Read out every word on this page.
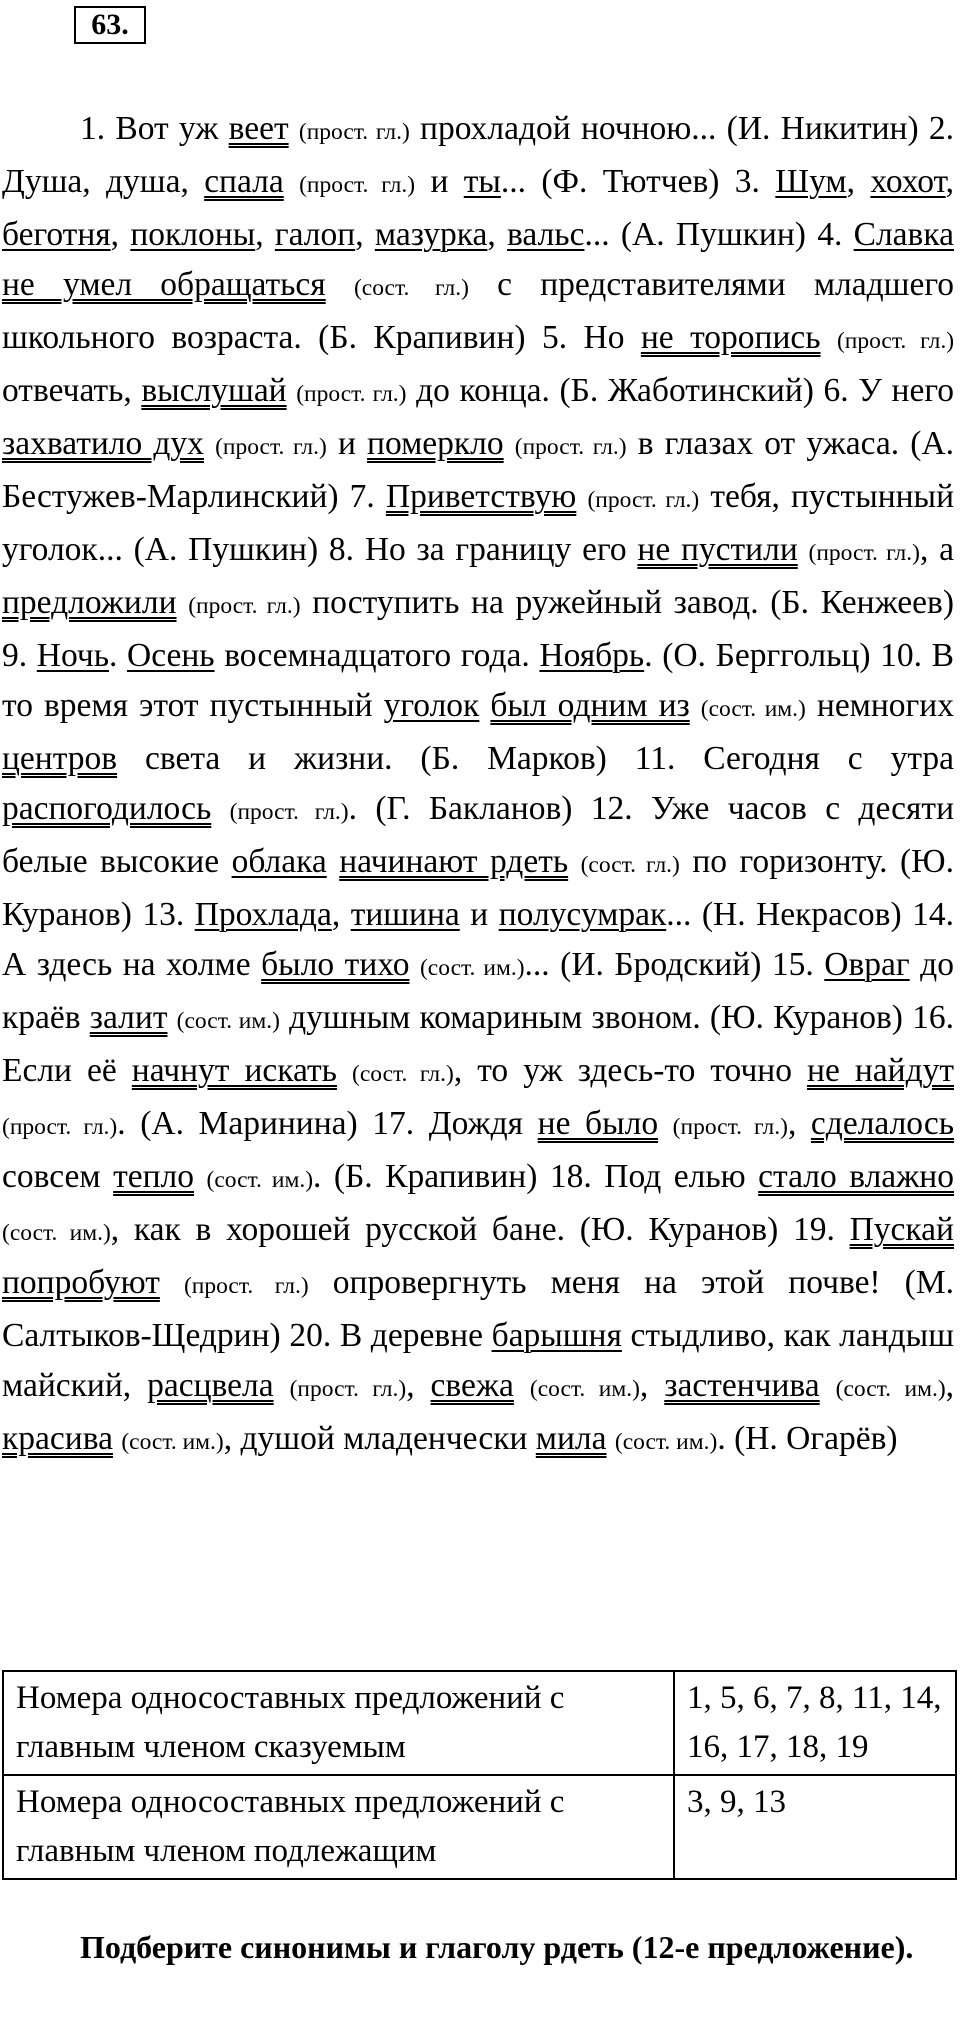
63.
1. Вот уж веет (прост. гл.) прохладой ночною... (И. Никитин) 2. Душа, душа, спала (прост. гл.) и ты... (Ф. Тютчев) 3. Шум, хохот, беготня, поклоны, галоп, мазурка, вальс... (А. Пушкин) 4. Славка не умел обращаться (сост. гл.) с представителями младшего школьного возраста. (Б. Крапивин) 5. Но не торопись (прост. гл.) отвечать, выслушай (прост. гл.) до конца. (Б. Жаботинский) 6. У него захватило дух (прост. гл.) и померкло (прост. гл.) в глазах от ужаса. (А. Бестужев-Марлинский) 7. Приветствую (прост. гл.) тебя, пустынный уголок... (А. Пушкин) 8. Но за границу его не пустили (прост. гл.), а предложили (прост. гл.) поступить на ружейный завод. (Б. Кенжеев) 9. Ночь. Осень восемнадцатого года. Ноябрь. (О. Берггольц) 10. В то время этот пустынный уголок был одним из (сост. им.) немногих центров света и жизни. (Б. Марков) 11. Сегодня с утра распогодилось (прост. гл.). (Г. Бакланов) 12. Уже часов с десяти белые высокие облака начинают рдеть (сост. гл.) по горизонту. (Ю. Куранов) 13. Прохлада, тишина и полусумрак... (Н. Некрасов) 14. А здесь на холме было тихо (сост. им.)... (И. Бродский) 15. Овраг до краёв залит (сост. им.) душным комариным звоном. (Ю. Куранов) 16. Если её начнут искать (сост. гл.), то уж здесь-то точно не найдут (прост. гл.). (А. Маринина) 17. Дождя не было (прост. гл.), сделалось совсем тепло (сост. им.). (Б. Крапивин) 18. Под елью стало влажно (сост. им.), как в хорошей русской бане. (Ю. Куранов) 19. Пускай попробуют (прост. гл.) опровергнуть меня на этой почве! (М. Салтыков-Щедрин) 20. В деревне барышня стыдливо, как ландыш майский, расцвела (прост. гл.), свежа (сост. им.), застенчива (сост. им.), красива (сост. им.), душой младенчески мила (сост. им.). (Н. Огарёв)
Номера односоставных предложений с главным членом сказуемым	1, 5, 6, 7, 8, 11, 14, 16, 17, 18, 19
Номера односоставных предложений с главным членом подлежащим	3, 9, 13
Подберите синонимы и глаголу рдеть (12-е предложение).
